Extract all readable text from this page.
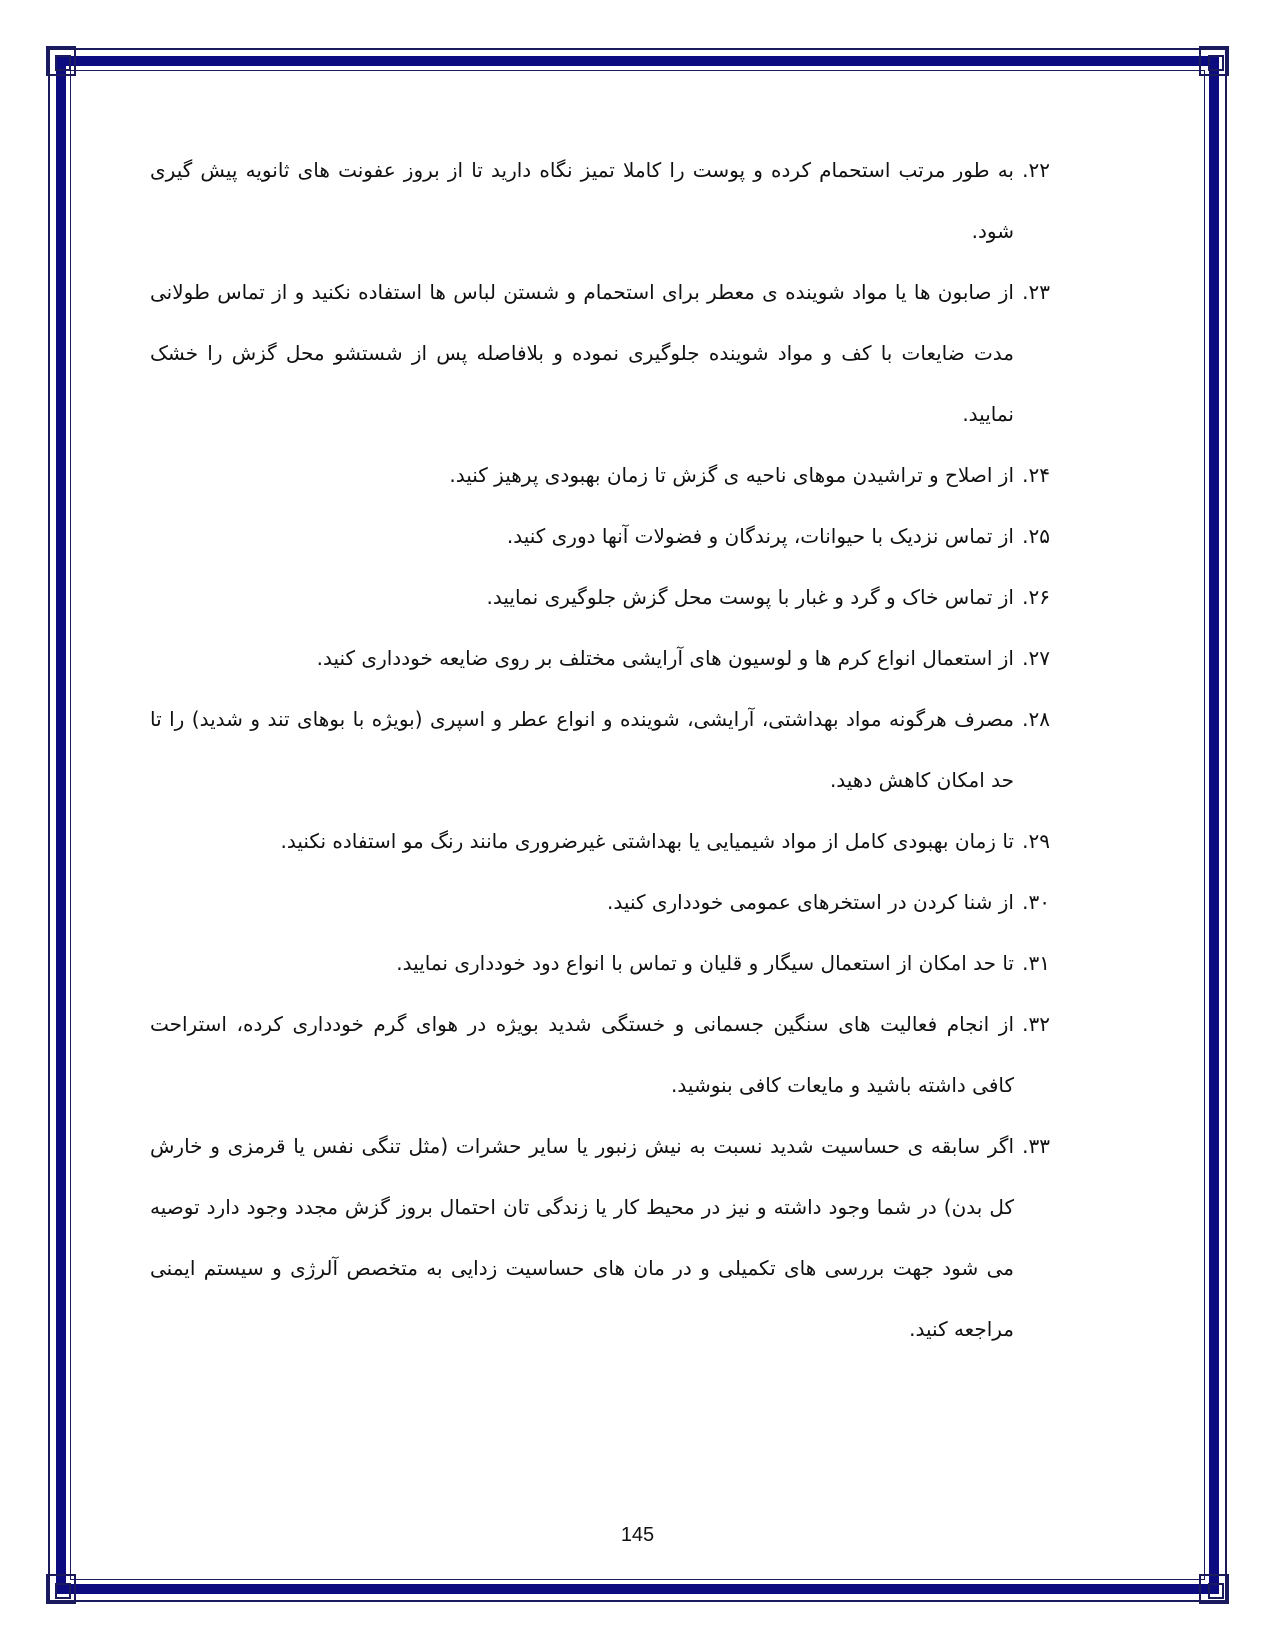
۲۲.
به طور مرتب استحمام کرده و پوست را کاملا تمیز نگاه دارید تا از بروز عفونت های ثانویه پیش گیری شود.
۲۳.
از صابون ها یا مواد شوینده ی معطر برای استحمام و شستن لباس ها استفاده نکنید و از تماس طولانی مدت ضایعات با کف و مواد شوینده جلوگیری نموده و بلافاصله پس از شستشو محل گزش را خشک نمایید.
۲۴.
از اصلاح و تراشیدن موهای ناحیه ی گزش تا زمان بهبودی پرهیز کنید.
۲۵.
از تماس نزدیک با حیوانات، پرندگان و فضولات آنها دوری کنید.
۲۶.
از تماس خاک و گرد و غبار با پوست محل گزش جلوگیری نمایید.
۲۷.
از استعمال انواع کرم ها و لوسیون های آرایشی مختلف بر روی ضایعه خودداری کنید.
۲۸.
مصرف هرگونه مواد بهداشتی، آرایشی، شوینده و انواع عطر و اسپری (بویژه با بوهای تند و شدید) را تا حد امکان کاهش دهید.
۲۹.
تا زمان بهبودی کامل از مواد شیمیایی یا بهداشتی غیرضروری مانند رنگ مو استفاده نکنید.
۳۰.
از شنا کردن در استخرهای عمومی خودداری کنید.
۳۱.
تا حد امکان از استعمال سیگار و قلیان و تماس با انواع دود خودداری نمایید.
۳۲.
از انجام فعالیت های سنگین جسمانی و خستگی شدید بویژه در هوای گرم خودداری کرده، استراحت کافی داشته باشید و مایعات کافی بنوشید.
۳۳.
اگر سابقه ی حساسیت شدید نسبت به نیش زنبور یا سایر حشرات (مثل تنگی نفس یا قرمزی و خارش کل بدن) در شما وجود داشته و نیز در محیط کار یا زندگی تان احتمال بروز گزش مجدد وجود دارد توصیه می شود جهت بررسی های تکمیلی و در مان های حساسیت زدایی به متخصص آلرژی و سیستم ایمنی مراجعه کنید.
145
